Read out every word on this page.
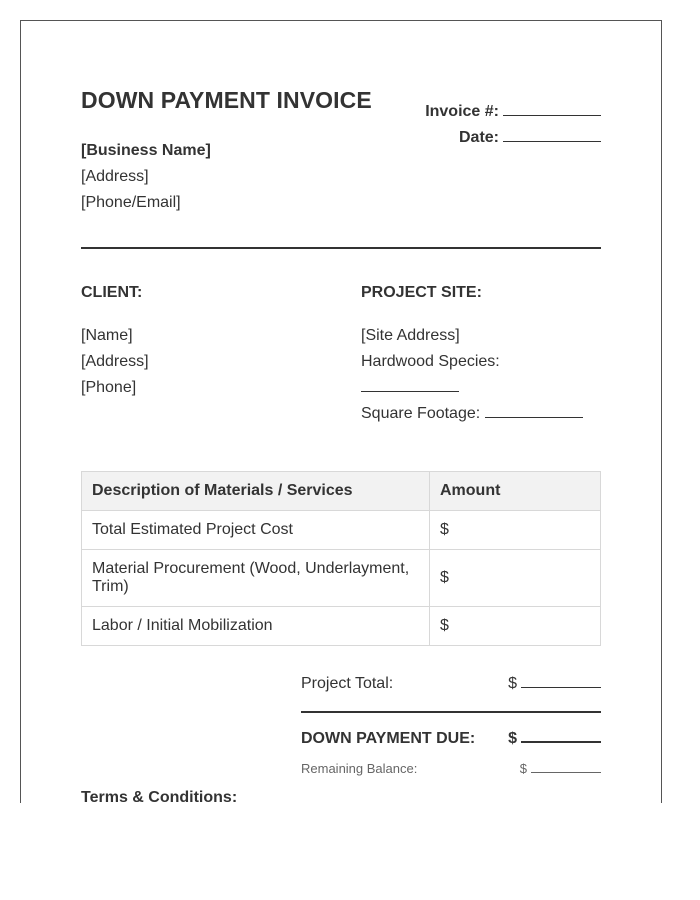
DOWN PAYMENT INVOICE	Invoice #:
Date:
[Business Name]
[Address]
[Phone/Email]
CLIENT:	PROJECT SITE:
[Name]
[Address]
[Phone]
[Site Address]
Hardwood Species:
Square Footage:
Description of Materials / Services	Amount
Total Estimated Project Cost	$
Material Procurement (Wood, Underlayment, Trim)	$
Labor / Initial Mobilization	$
Project Total:	$
DOWN PAYMENT DUE: $
Remaining Balance:	$
Terms & Conditions:
